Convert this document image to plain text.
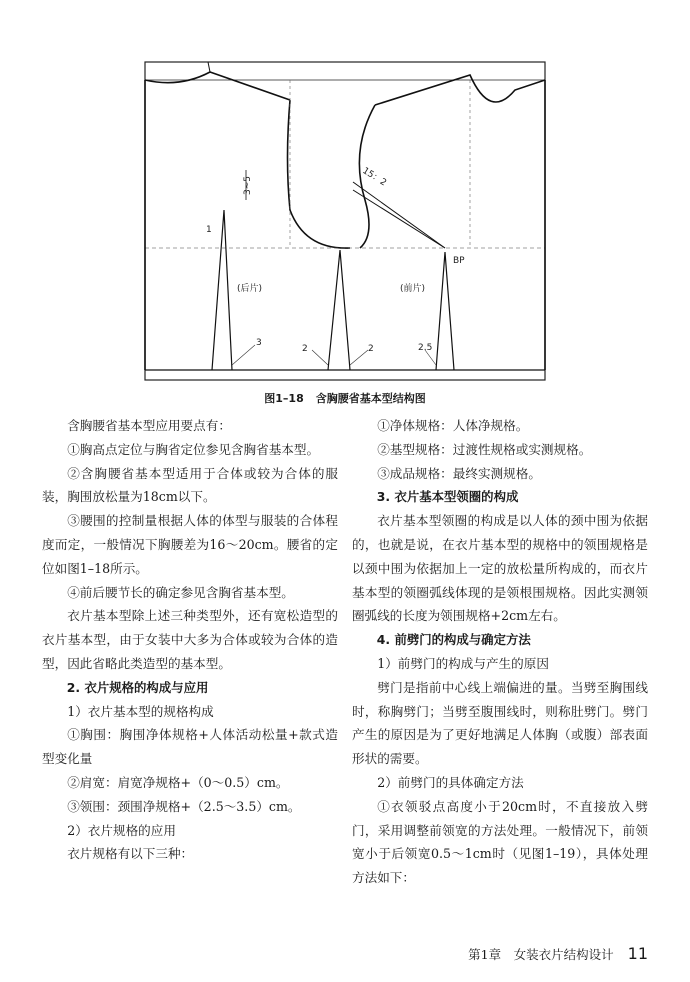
(后片)	(前片)
3~5
1
15：2
BP
3
2	2	2.5
图1–18 含胸腰省基本型结构图

含胸腰省基本型应用要点有：

①胸高点定位与胸省定位参见含胸省基本型。

②含胸腰省基本型适用于合体或较为合体的服装，胸围放松量为18cm以下。

③腰围的控制量根据人体的体型与服装的合体程度而定，一般情况下胸腰差为16～20cm。腰省的定位如图1–18所示。

④前后腰节长的确定参见含胸省基本型。

衣片基本型除上述三种类型外，还有宽松造型的衣片基本型，由于女装中大多为合体或较为合体的造型，因此省略此类造型的基本型。

2. 衣片规格的构成与应用

1）衣片基本型的规格构成

①胸围：胸围净体规格+人体活动松量+款式造型变化量

②肩宽：肩宽净规格+（0～0.5）cm。

③领围：颈围净规格+（2.5～3.5）cm。

2）衣片规格的应用

衣片规格有以下三种：

①净体规格：人体净规格。

②基型规格：过渡性规格或实测规格。

③成品规格：最终实测规格。

3. 衣片基本型领圈的构成

衣片基本型领圈的构成是以人体的颈中围为依据的，也就是说，在衣片基本型的规格中的领围规格是以颈中围为依据加上一定的放松量所构成的，而衣片基本型的领圈弧线体现的是领根围规格。因此实测领圈弧线的长度为领围规格+2cm左右。

4. 前劈门的构成与确定方法

1）前劈门的构成与产生的原因

劈门是指前中心线上端偏进的量。当劈至胸围线时，称胸劈门；当劈至腹围线时，则称肚劈门。劈门产生的原因是为了更好地满足人体胸（或腹）部表面形状的需要。

2）前劈门的具体确定方法

①衣领驳点高度小于20cm时，不直接放入劈门，采用调整前领宽的方法处理。一般情况下，前领宽小于后领宽0.5～1cm时（见图1–19），具体处理方法如下：

第1章　女装衣片结构设计 11
